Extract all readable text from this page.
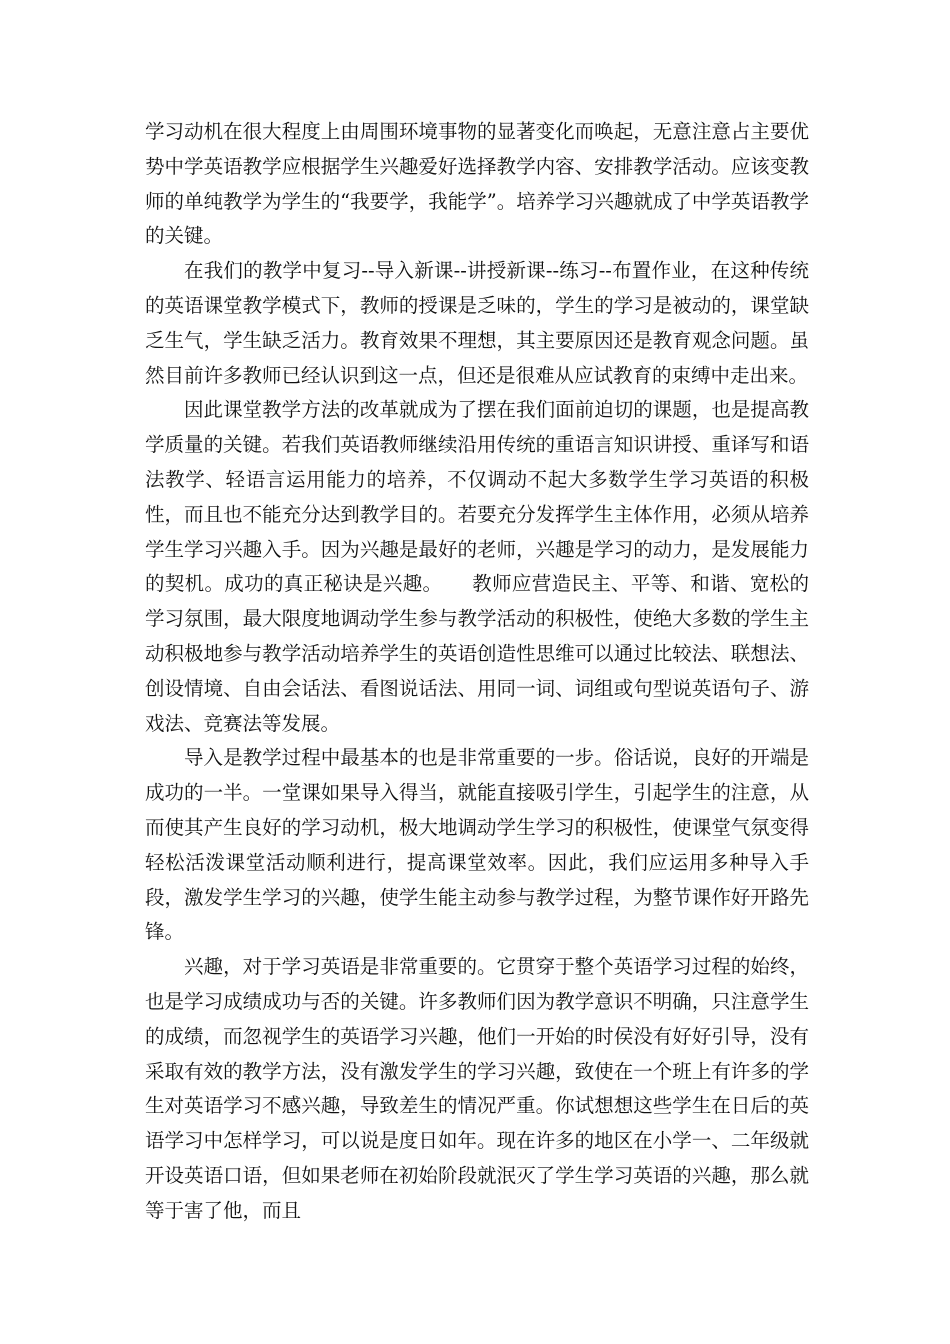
学习动机在很大程度上由周围环境事物的显著变化而唤起，无意注意占主要优势中学英语教学应根据学生兴趣爱好选择教学内容、安排教学活动。应该变教师的单纯教学为学生的“我要学，我能学”。培养学习兴趣就成了中学英语教学的关键。

在我们的教学中复习--导入新课--讲授新课--练习--布置作业，在这种传统的英语课堂教学模式下，教师的授课是乏味的，学生的学习是被动的，课堂缺乏生气，学生缺乏活力。教育效果不理想，其主要原因还是教育观念问题。虽然目前许多教师已经认识到这一点，但还是很难从应试教育的束缚中走出来。

因此课堂教学方法的改革就成为了摆在我们面前迫切的课题，也是提高教学质量的关键。若我们英语教师继续沿用传统的重语言知识讲授、重译写和语法教学、轻语言运用能力的培养，不仅调动不起大多数学生学习英语的积极性，而且也不能充分达到教学目的。若要充分发挥学生主体作用，必须从培养学生学习兴趣入手。因为兴趣是最好的老师，兴趣是学习的动力，是发展能力的契机。成功的真正秘诀是兴趣。　　教师应营造民主、平等、和谐、宽松的学习氛围，最大限度地调动学生参与教学活动的积极性，使绝大多数的学生主动积极地参与教学活动培养学生的英语创造性思维可以通过比较法、联想法、创设情境、自由会话法、看图说话法、用同一词、词组或句型说英语句子、游戏法、竞赛法等发展。

导入是教学过程中最基本的也是非常重要的一步。俗话说，良好的开端是成功的一半。一堂课如果导入得当，就能直接吸引学生，引起学生的注意，从而使其产生良好的学习动机，极大地调动学生学习的积极性，使课堂气氛变得轻松活泼课堂活动顺利进行，提高课堂效率。因此，我们应运用多种导入手段，激发学生学习的兴趣，使学生能主动参与教学过程，为整节课作好开路先锋。

兴趣，对于学习英语是非常重要的。它贯穿于整个英语学习过程的始终，也是学习成绩成功与否的关键。许多教师们因为教学意识不明确，只注意学生的成绩，而忽视学生的英语学习兴趣，他们一开始的时侯没有好好引导，没有采取有效的教学方法，没有激发学生的学习兴趣，致使在一个班上有许多的学生对英语学习不感兴趣，导致差生的情况严重。你试想想这些学生在日后的英语学习中怎样学习，可以说是度日如年。现在许多的地区在小学一、二年级就开设英语口语，但如果老师在初始阶段就泯灭了学生学习英语的兴趣，那么就等于害了他，而且
